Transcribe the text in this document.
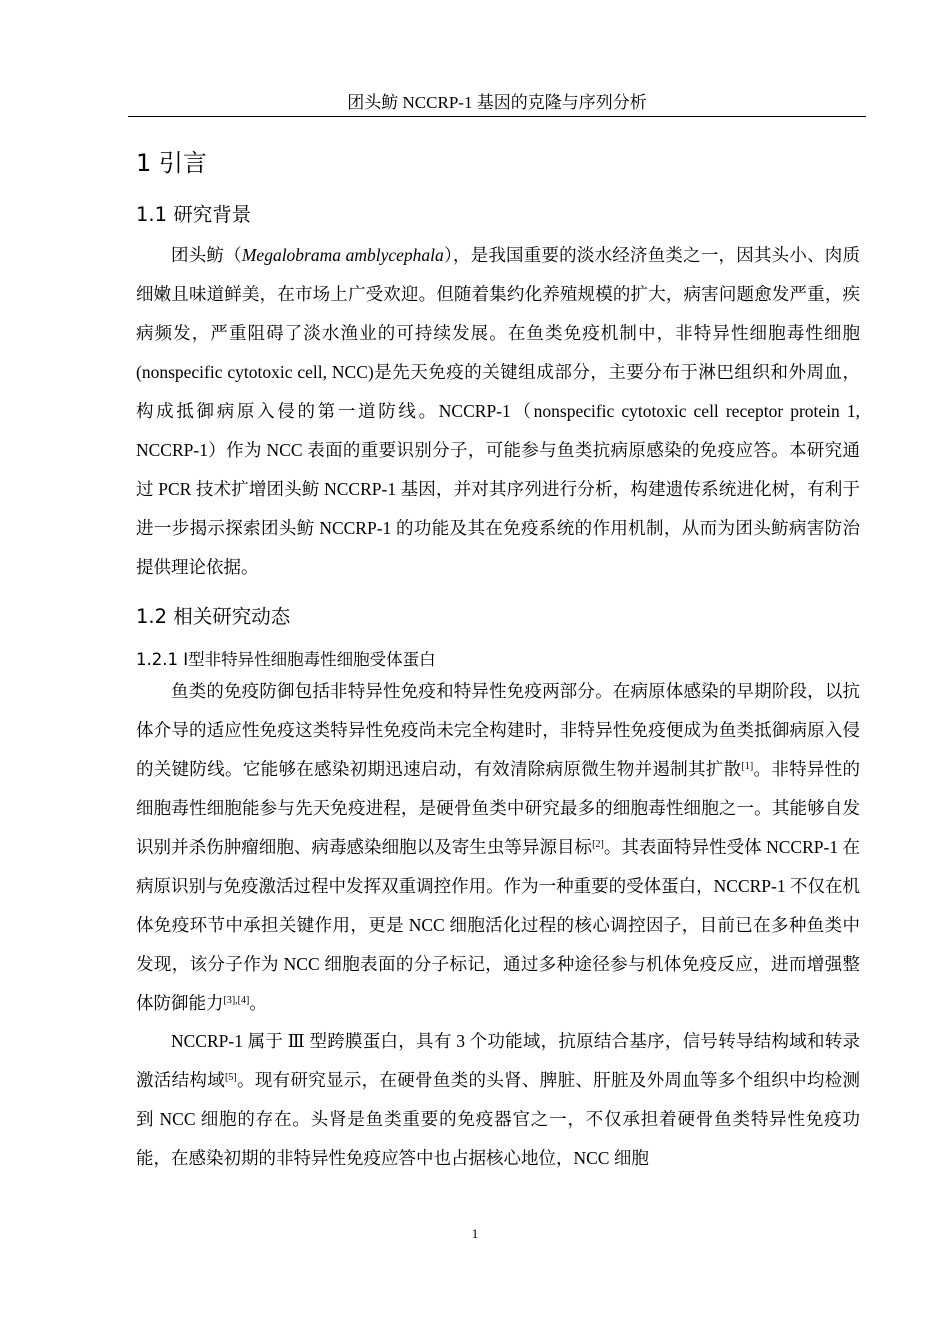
团头鲂 NCCRP-1 基因的克隆与序列分析
1 引言
1.1 研究背景

团头鲂（Megalobrama amblycephala），是我国重要的淡水经济鱼类之一，因其头小、肉质细嫩且味道鲜美，在市场上广受欢迎。但随着集约化养殖规模的扩大，病害问题愈发严重，疾病频发，严重阻碍了淡水渔业的可持续发展。在鱼类免疫机制中，非特异性细胞毒性细胞(nonspecific cytotoxic cell, NCC)是先天免疫的关键组成部分，主要分布于淋巴组织和外周血，构成抵御病原入侵的第一道防线。NCCRP-1（nonspecific cytotoxic cell receptor protein 1, NCCRP-1）作为 NCC 表面的重要识别分子，可能参与鱼类抗病原感染的免疫应答。本研究通过 PCR 技术扩增团头鲂 NCCRP-1 基因，并对其序列进行分析，构建遗传系统进化树，有利于进一步揭示探索团头鲂 NCCRP-1 的功能及其在免疫系统的作用机制，从而为团头鲂病害防治提供理论依据。

1.2 相关研究动态
1.2.1 Ⅰ型非特异性细胞毒性细胞受体蛋白

鱼类的免疫防御包括非特异性免疫和特异性免疫两部分。在病原体感染的早期阶段，以抗体介导的适应性免疫这类特异性免疫尚未完全构建时，非特异性免疫便成为鱼类抵御病原入侵的关键防线。它能够在感染初期迅速启动，有效清除病原微生物并遏制其扩散[1]。非特异性的细胞毒性细胞能参与先天免疫进程，是硬骨鱼类中研究最多的细胞毒性细胞之一。其能够自发识别并杀伤肿瘤细胞、病毒感染细胞以及寄生虫等异源目标[2]。其表面特异性受体 NCCRP-1 在病原识别与免疫激活过程中发挥双重调控作用。作为一种重要的受体蛋白，NCCRP-1 不仅在机体免疫环节中承担关键作用，更是 NCC 细胞活化过程的核心调控因子，目前已在多种鱼类中发现，该分子作为 NCC 细胞表面的分子标记，通过多种途径参与机体免疫反应，进而增强整体防御能力[3],[4]。

NCCRP-1 属于 Ⅲ 型跨膜蛋白，具有 3 个功能域，抗原结合基序，信号转导结构域和转录激活结构域[5]。现有研究显示，在硬骨鱼类的头肾、脾脏、肝脏及外周血等多个组织中均检测到 NCC 细胞的存在。头肾是鱼类重要的免疫器官之一，不仅承担着硬骨鱼类特异性免疫功能，在感染初期的非特异性免疫应答中也占据核心地位，NCC 细胞

1
